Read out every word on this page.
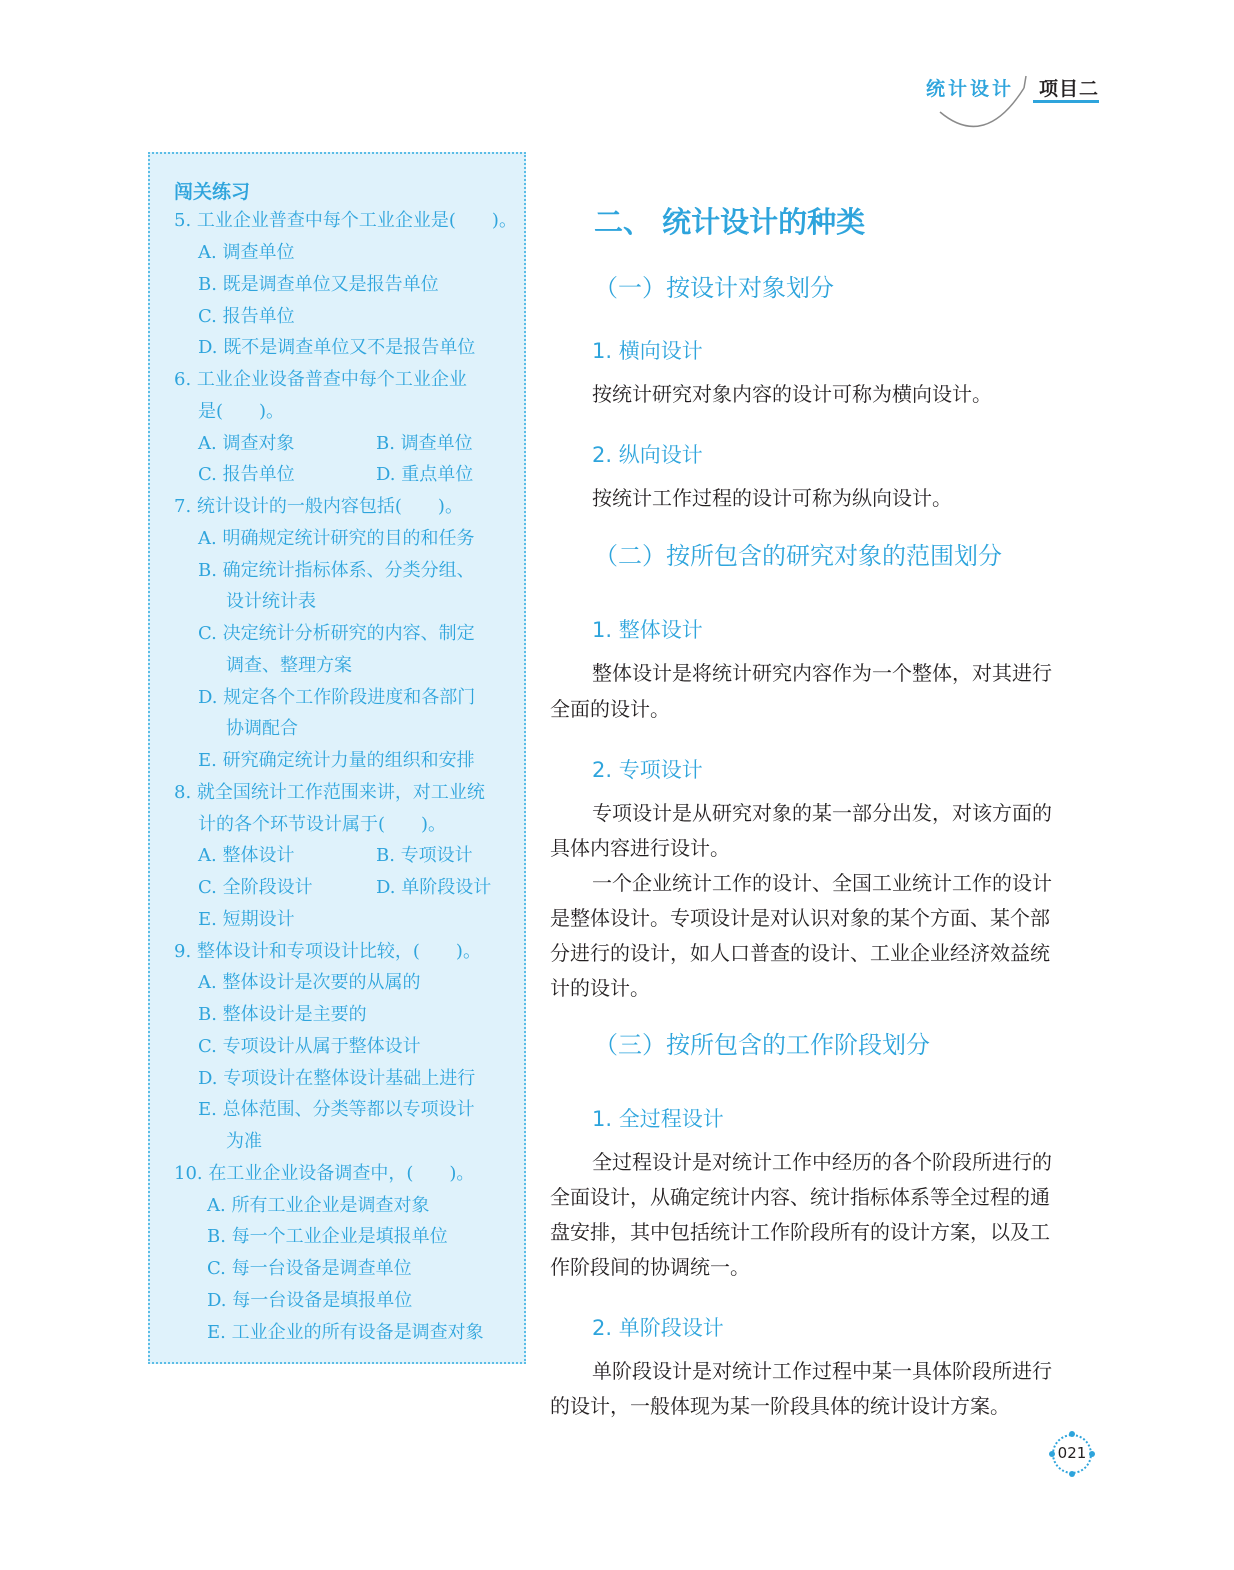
统计设计 项目二
闯关练习
5. 工业企业普查中每个工业企业是(　　)。
A. 调查单位
B. 既是调查单位又是报告单位
C. 报告单位
D. 既不是调查单位又不是报告单位
6. 工业企业设备普查中每个工业企业
是(　　)。
A. 调查对象	B. 调查单位
C. 报告单位	D. 重点单位
7. 统计设计的一般内容包括(　　)。
A. 明确规定统计研究的目的和任务
B. 确定统计指标体系、分类分组、
设计统计表
C. 决定统计分析研究的内容、制定
调查、整理方案
D. 规定各个工作阶段进度和各部门
协调配合
E. 研究确定统计力量的组织和安排
8. 就全国统计工作范围来讲，对工业统
计的各个环节设计属于(　　)。
A. 整体设计	B. 专项设计
C. 全阶段设计	D. 单阶段设计
E. 短期设计
9. 整体设计和专项设计比较，(　　)。
A. 整体设计是次要的从属的
B. 整体设计是主要的
C. 专项设计从属于整体设计
D. 专项设计在整体设计基础上进行
E. 总体范围、分类等都以专项设计
为准
10. 在工业企业设备调查中，(　　)。
A. 所有工业企业是调查对象
B. 每一个工业企业是填报单位
C. 每一台设备是调查单位
D. 每一台设备是填报单位
E. 工业企业的所有设备是调查对象
二、 统计设计的种类
（一）按设计对象划分
1. 横向设计
按统计研究对象内容的设计可称为横向设计。
2. 纵向设计
按统计工作过程的设计可称为纵向设计。
（二）按所包含的研究对象的范围划分
1. 整体设计
整体设计是将统计研究内容作为一个整体，对其进行
全面的设计。
2. 专项设计
专项设计是从研究对象的某一部分出发，对该方面的
具体内容进行设计。
一个企业统计工作的设计、全国工业统计工作的设计
是整体设计。专项设计是对认识对象的某个方面、某个部
分进行的设计，如人口普查的设计、工业企业经济效益统
计的设计。
（三）按所包含的工作阶段划分
1. 全过程设计
全过程设计是对统计工作中经历的各个阶段所进行的
全面设计，从确定统计内容、统计指标体系等全过程的通
盘安排，其中包括统计工作阶段所有的设计方案，以及工
作阶段间的协调统一。
2. 单阶段设计
单阶段设计是对统计工作过程中某一具体阶段所进行
的设计，一般体现为某一阶段具体的统计设计方案。
021
